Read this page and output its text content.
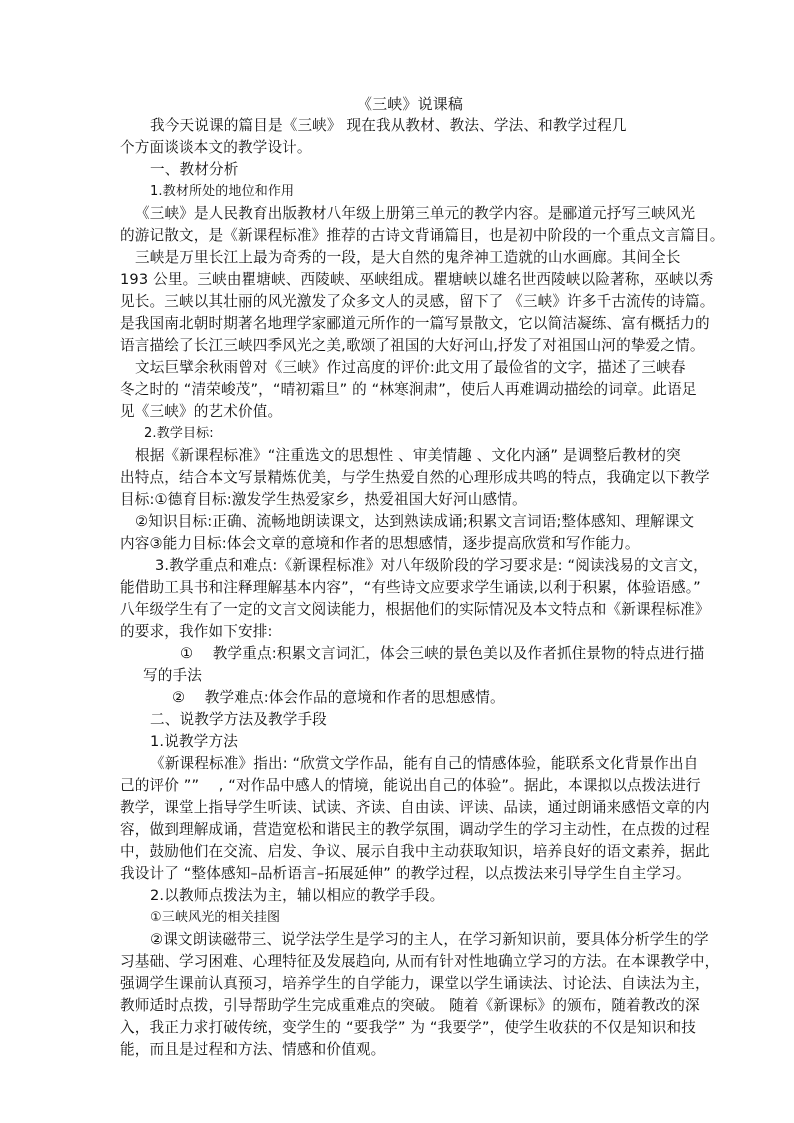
《三峡》说课稿
我今天说课的篇目是《三峡》 现在我从教材、教法、学法、和教学过程几
个方面谈谈本文的教学设计。
一、教材分析
1.教材所处的地位和作用
《三峡》是人民教育出版教材八年级上册第三单元的教学内容。是郦道元抒写三峡风光
的游记散文，是《新课程标准》推荐的古诗文背诵篇目，也是初中阶段的一个重点文言篇目。
三峡是万里长江上最为奇秀的一段，是大自然的鬼斧神工造就的山水画廊。其间全长
193 公里。三峡由瞿塘峡、西陵峡、巫峡组成。瞿塘峡以雄名世西陵峡以险著称，巫峡以秀
见长。三峡以其壮丽的风光激发了众多文人的灵感，留下了 《三峡》许多千古流传的诗篇。
是我国南北朝时期著名地理学家郦道元所作的一篇写景散文，它以简洁凝练、富有概括力的
语言描绘了长江三峡四季风光之美,歌颂了祖国的大好河山,抒发了对祖国山河的挚爱之情。
文坛巨擘余秋雨曾对《三峡》作过高度的评价:此文用了最俭省的文字，描述了三峡春
冬之时的 “清荣峻茂”，“晴初霜旦” 的 “林寒涧肃”，使后人再难调动描绘的词章。此语足
见《三峡》的艺术价值。
2.教学目标:
根据《新课程标准》“注重选文的思想性 、审美情趣 、文化内涵” 是调整后教材的突
出特点，结合本文写景精炼优美，与学生热爱自然的心理形成共鸣的特点，我确定以下教学
目标:①德育目标:激发学生热爱家乡，热爱祖国大好河山感情。
②知识目标:正确、流畅地朗读课文，达到熟读成诵;积累文言词语;整体感知、理解课文
内容③能力目标:体会文章的意境和作者的思想感情，逐步提高欣赏和写作能力。
3.教学重点和难点:《新课程标准》对八年级阶段的学习要求是: “阅读浅易的文言文，
能借助工具书和注释理解基本内容”，“有些诗文应要求学生诵读,以利于积累，体验语感。”
八年级学生有了一定的文言文阅读能力，根据他们的实际情况及本文特点和《新课程标准》
的要求，我作如下安排:
①　 教学重点:积累文言词汇，体会三峡的景色美以及作者抓住景物的特点进行描
写的手法
②　 教学难点:体会作品的意境和作者的思想感情。
二、说教学方法及教学手段
1.说教学方法
《新课程标准》指出: “欣赏文学作品，能有自己的情感体验，能联系文化背景作出自
己的评价 ”” 　, “对作品中感人的情境，能说出自己的体验”。据此，本课拟以点拨法进行
教学，课堂上指导学生听读、试读、齐读、自由读、评读、品读，通过朗诵来感悟文章的内
容，做到理解成诵，营造宽松和谐民主的教学氛围，调动学生的学习主动性，在点拨的过程
中，鼓励他们在交流、启发、争议、展示自我中主动获取知识，培养良好的语文素养，据此
我设计了 “整体感知–品析语言–拓展延伸” 的教学过程，以点拨法来引导学生自主学习。
2.以教师点拨法为主，辅以相应的教学手段。
①三峡风光的相关挂图
②课文朗读磁带三、说学法学生是学习的主人，在学习新知识前，要具体分析学生的学
习基础、学习困难、心理特征及发展趋向, 从而有针对性地确立学习的方法。在本课教学中，
强调学生课前认真预习，培养学生的自学能力，课堂以学生诵读法、讨论法、自读法为主，
教师适时点拨，引导帮助学生完成重难点的突破。 随着《新课标》的颁布，随着教改的深
入，我正力求打破传统，变学生的 “要我学” 为 “我要学”，使学生收获的不仅是知识和技
能，而且是过程和方法、情感和价值观。
